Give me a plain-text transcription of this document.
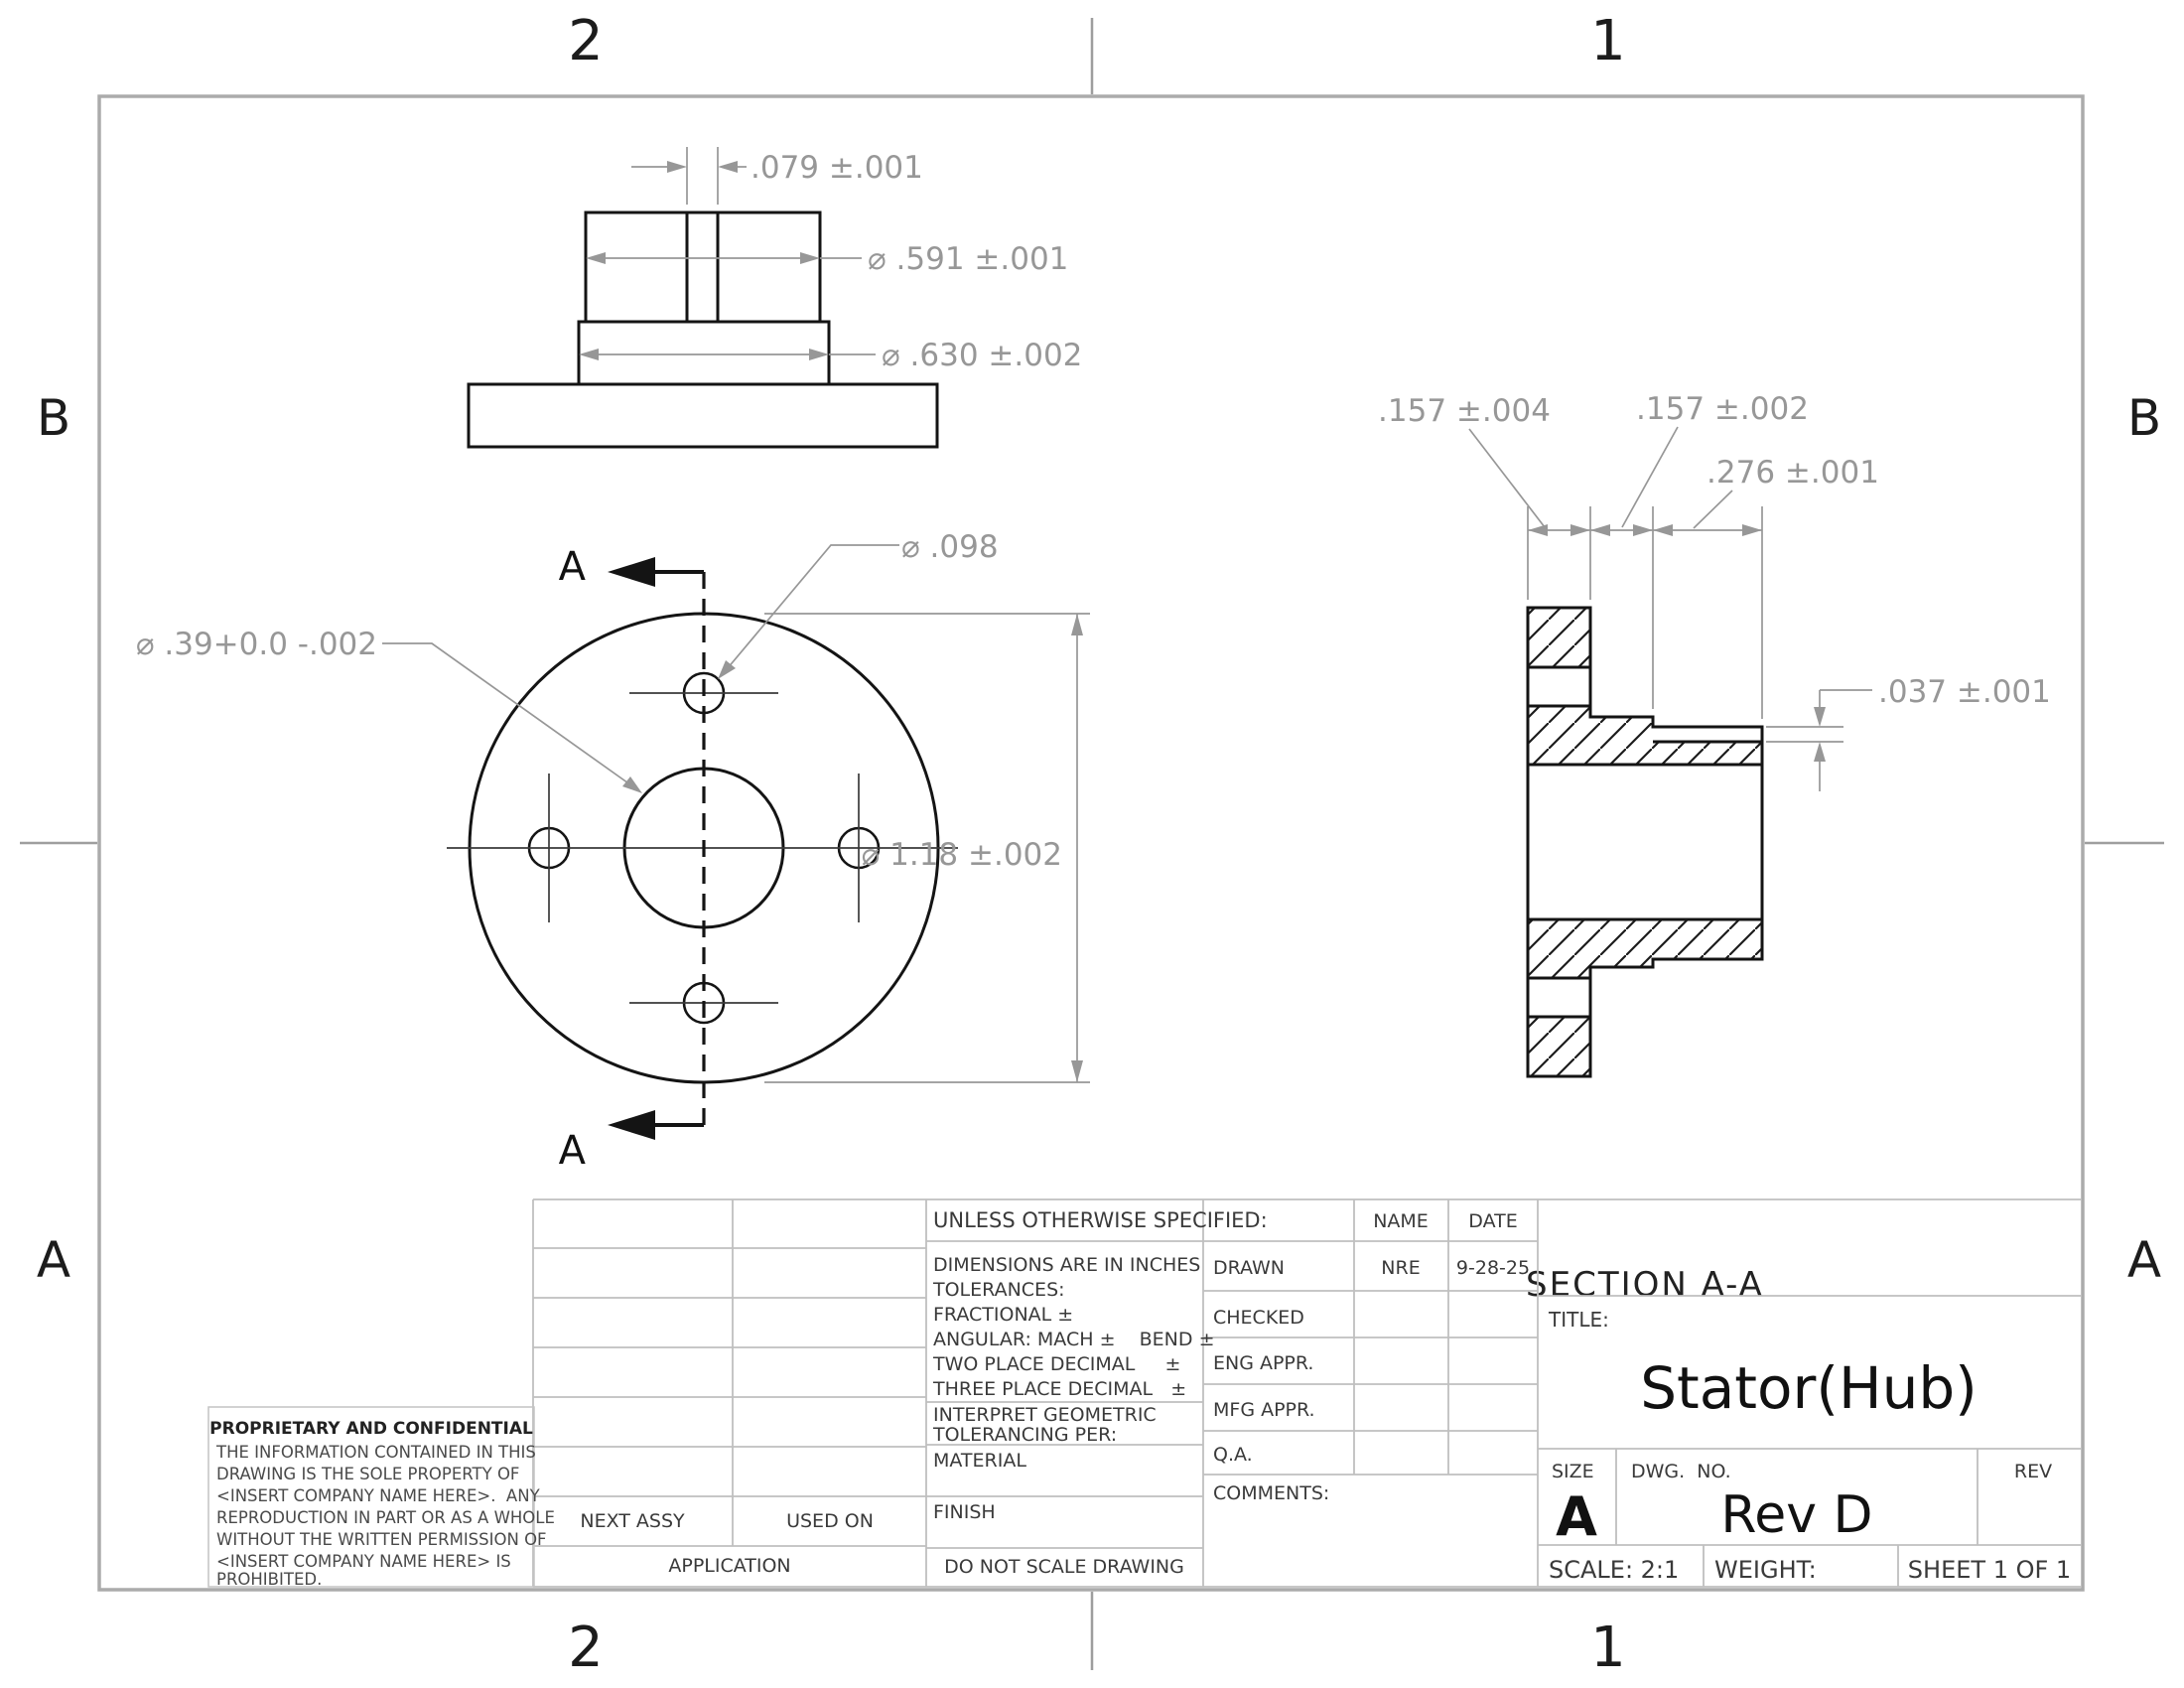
2	1
2	1
B
A
B
A
.079 ±.001
⌀ .591 ±.001
⌀ .630 ±.002
A
A
⌀ .098
⌀ .39+0.0 -.002
⌀ 1.18 ±.002
.157 ±.004	.157 ±.002
.276 ±.001
.037 ±.001
SECTION A-A
UNLESS OTHERWISE SPECIFIED:
DIMENSIONS ARE IN INCHES
TOLERANCES:
FRACTIONAL ±
ANGULAR: MACH ±    BEND ±
TWO PLACE DECIMAL     ±
THREE PLACE DECIMAL   ±
INTERPRET GEOMETRIC
TOLERANCING PER:
MATERIAL
FINISH
DO NOT SCALE DRAWING
NAME DATE
DRAWN	NRE 9-28-25
CHECKED
ENG APPR.
MFG APPR.
Q.A.
COMMENTS:
TITLE:
Stator(Hub)
SIZE
A
DWG.  NO.
Rev D
REV
SCALE: 2:1 WEIGHT:	SHEET 1 OF 1
NEXT ASSY	USED ON
APPLICATION
PROPRIETARY AND CONFIDENTIAL
THE INFORMATION CONTAINED IN THIS
DRAWING IS THE SOLE PROPERTY OF
<INSERT COMPANY NAME HERE>.  ANY
REPRODUCTION IN PART OR AS A WHOLE
WITHOUT THE WRITTEN PERMISSION OF
<INSERT COMPANY NAME HERE> IS
PROHIBITED.
